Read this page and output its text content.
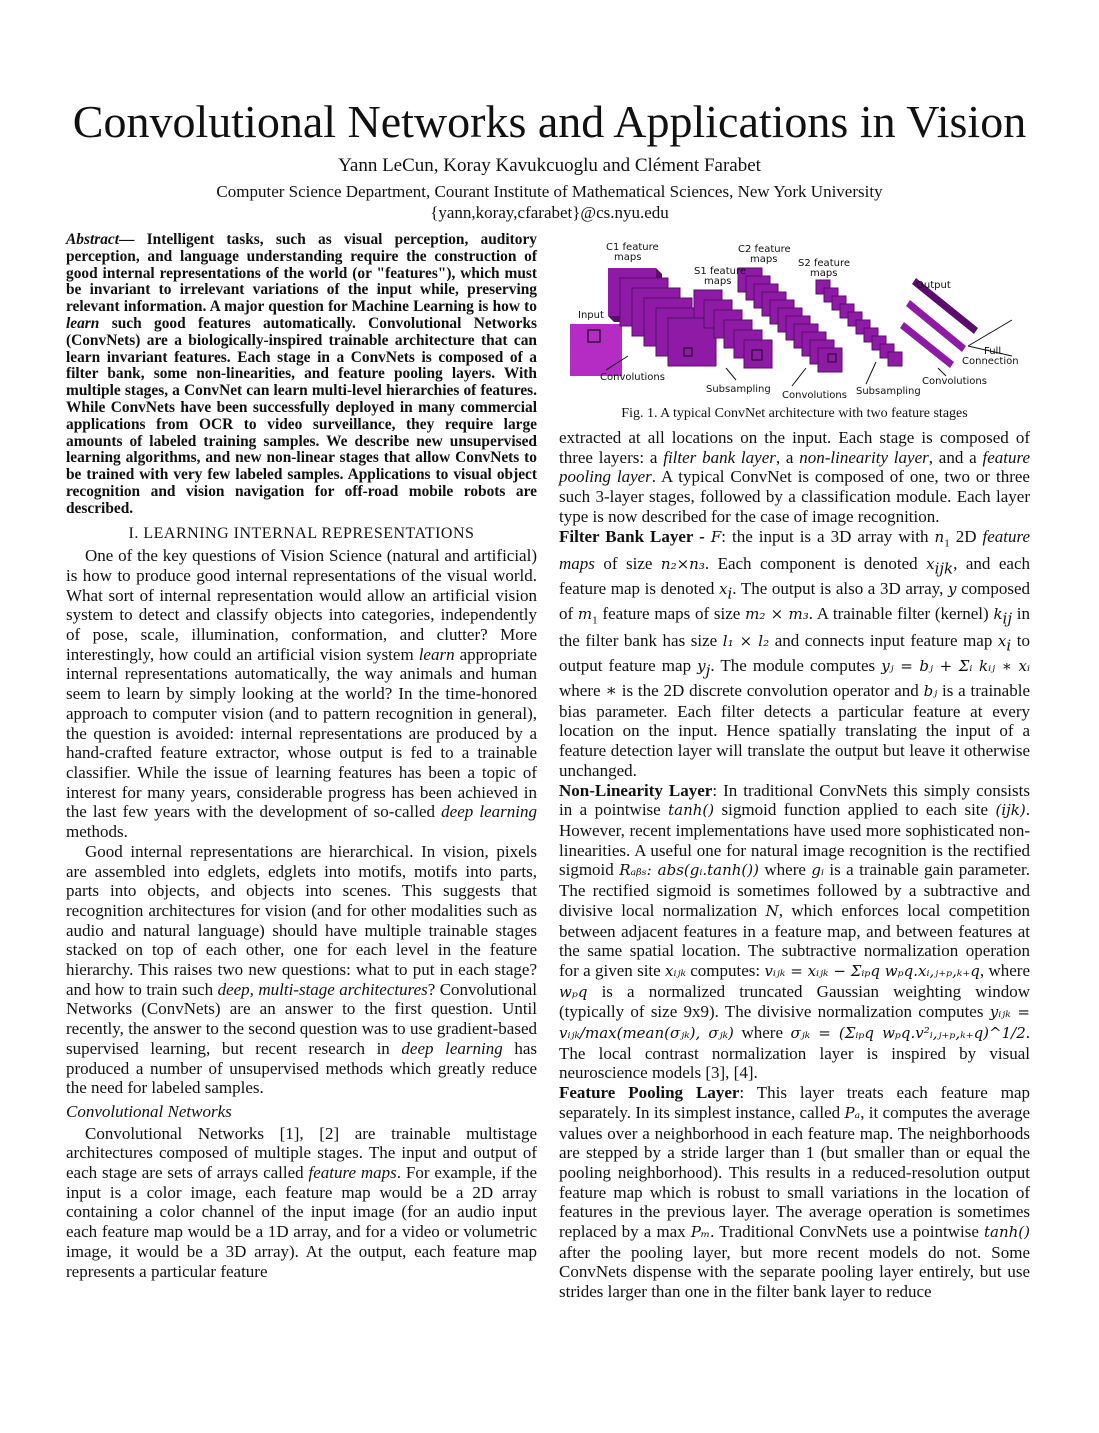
Convolutional Networks and Applications in Vision
Yann LeCun, Koray Kavukcuoglu and Clément Farabet
Computer Science Department, Courant Institute of Mathematical Sciences, New York University
{yann,koray,cfarabet}@cs.nyu.edu

Abstract— Intelligent tasks, such as visual perception, auditory perception, and language understanding require the construction of good internal representations of the world (or "features"), which must be invariant to irrelevant variations of the input while, preserving relevant information. A major question for Machine Learning is how to learn such good features automatically. Convolutional Networks (ConvNets) are a biologically-inspired trainable architecture that can learn invariant features. Each stage in a ConvNets is composed of a filter bank, some non-linearities, and feature pooling layers. With multiple stages, a ConvNet can learn multi-level hierarchies of features. While ConvNets have been successfully deployed in many commercial applications from OCR to video surveillance, they require large amounts of labeled training samples. We describe new unsupervised learning algorithms, and new non-linear stages that allow ConvNets to be trained with very few labeled samples. Applications to visual object recognition and vision navigation for off-road mobile robots are described.

I. LEARNING INTERNAL REPRESENTATIONS

One of the key questions of Vision Science (natural and artificial) is how to produce good internal representations of the visual world. What sort of internal representation would allow an artificial vision system to detect and classify objects into categories, independently of pose, scale, illumination, conformation, and clutter? More interestingly, how could an artificial vision system learn appropriate internal representations automatically, the way animals and human seem to learn by simply looking at the world? In the time-honored approach to computer vision (and to pattern recognition in general), the question is avoided: internal representations are produced by a hand-crafted feature extractor, whose output is fed to a trainable classifier. While the issue of learning features has been a topic of interest for many years, considerable progress has been achieved in the last few years with the development of so-called deep learning methods.

Good internal representations are hierarchical. In vision, pixels are assembled into edglets, edglets into motifs, motifs into parts, parts into objects, and objects into scenes. This suggests that recognition architectures for vision (and for other modalities such as audio and natural language) should have multiple trainable stages stacked on top of each other, one for each level in the feature hierarchy. This raises two new questions: what to put in each stage? and how to train such deep, multi-stage architectures? Convolutional Networks (ConvNets) are an answer to the first question. Until recently, the answer to the second question was to use gradient-based supervised learning, but recent research in deep learning has produced a number of unsupervised methods which greatly reduce the need for labeled samples.

Convolutional Networks

Convolutional Networks [1], [2] are trainable multistage architectures composed of multiple stages. The input and output of each stage are sets of arrays called feature maps. For example, if the input is a color image, each feature map would be a 2D array containing a color channel of the input image (for an audio input each feature map would be a 1D array, and for a video or volumetric image, it would be a 3D array). At the output, each feature map represents a particular feature

C1 feature
maps
S1 feature
maps
C2 feature
maps S2 feature
maps
Input
Output
Full
Connection
Convolutions
Subsampling
Convolutions Subsampling
Convolutions
Fig. 1. A typical ConvNet architecture with two feature stages

extracted at all locations on the input. Each stage is composed of three layers: a filter bank layer, a non-linearity layer, and a feature pooling layer. A typical ConvNet is composed of one, two or three such 3-layer stages, followed by a classification module. Each layer type is now described for the case of image recognition.

Filter Bank Layer - F: the input is a 3D array with $n_1$ 2D feature maps of size n₂×n₃. Each component is denoted $x_{ijk}$, and each feature map is denoted $x_i$. The output is also a 3D array, y composed of $m_1$ feature maps of size m₂ × m₃. A trainable filter (kernel) $k_{ij}$ in the filter bank has size l₁ × l₂ and connects input feature map $x_i$ to output feature map $y_j$. The module computes yⱼ = bⱼ + Σᵢ kᵢⱼ ∗ xᵢ where ∗ is the 2D discrete convolution operator and bⱼ is a trainable bias parameter. Each filter detects a particular feature at every location on the input. Hence spatially translating the input of a feature detection layer will translate the output but leave it otherwise unchanged.

Non-Linearity Layer: In traditional ConvNets this simply consists in a pointwise tanh() sigmoid function applied to each site (ijk). However, recent implementations have used more sophisticated non-linearities. A useful one for natural image recognition is the rectified sigmoid Rₐᵦₛ: abs(gᵢ.tanh()) where gᵢ is a trainable gain parameter. The rectified sigmoid is sometimes followed by a subtractive and divisive local normalization N, which enforces local competition between adjacent features in a feature map, and between features at the same spatial location. The subtractive normalization operation for a given site xᵢⱼₖ computes: vᵢⱼₖ = xᵢⱼₖ − Σᵢₚ𝑞 wₚ𝑞.xᵢ,ⱼ₊ₚ,ₖ₊𝑞, where wₚ𝑞 is a normalized truncated Gaussian weighting window (typically of size 9x9). The divisive normalization computes yᵢⱼₖ = vᵢⱼₖ/max(mean(σⱼₖ), σⱼₖ) where σⱼₖ = (Σᵢₚ𝑞 wₚ𝑞.v²ᵢ,ⱼ₊ₚ,ₖ₊𝑞)^1/2. The local contrast normalization layer is inspired by visual neuroscience models [3], [4].

Feature Pooling Layer: This layer treats each feature map separately. In its simplest instance, called Pₐ, it computes the average values over a neighborhood in each feature map. The neighborhoods are stepped by a stride larger than 1 (but smaller than or equal the pooling neighborhood). This results in a reduced-resolution output feature map which is robust to small variations in the location of features in the previous layer. The average operation is sometimes replaced by a max Pₘ. Traditional ConvNets use a pointwise tanh() after the pooling layer, but more recent models do not. Some ConvNets dispense with the separate pooling layer entirely, but use strides larger than one in the filter bank layer to reduce
